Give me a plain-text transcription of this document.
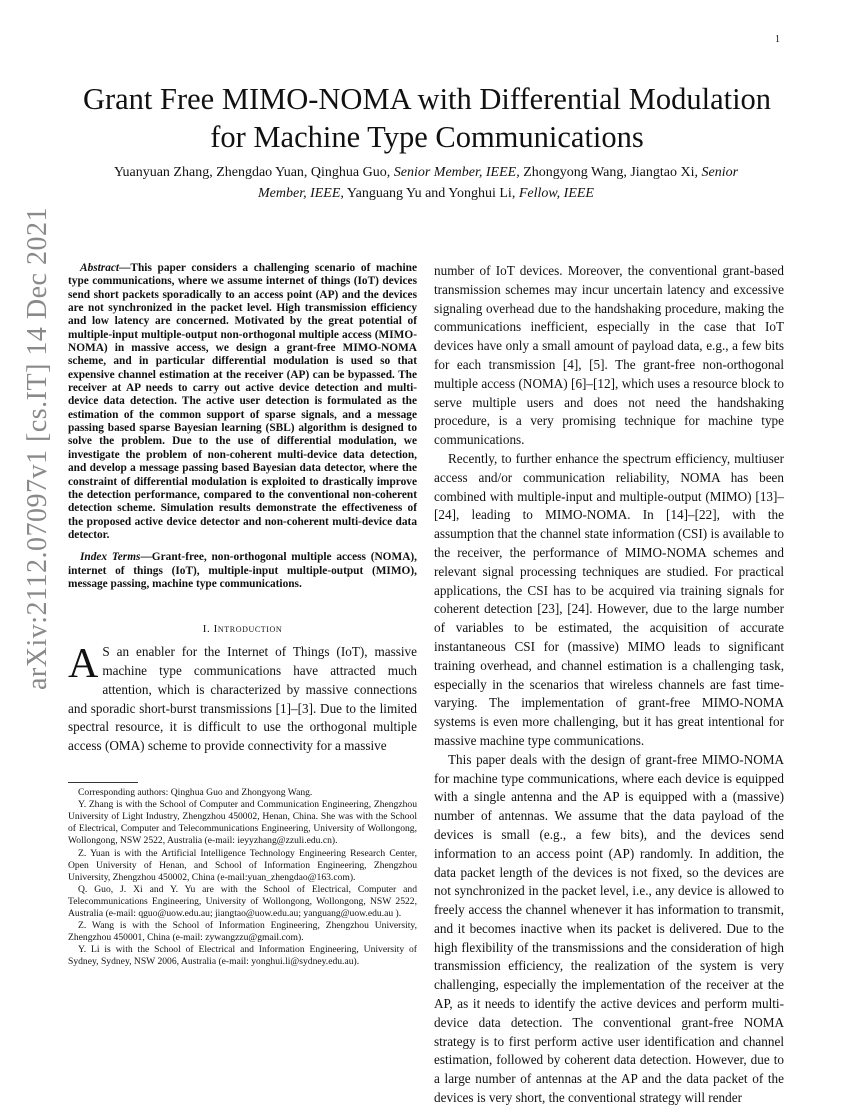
1
arXiv:2112.07097v1 [cs.IT] 14 Dec 2021
Grant Free MIMO-NOMA with Differential Modulation for Machine Type Communications
Yuanyuan Zhang, Zhengdao Yuan, Qinghua Guo, Senior Member, IEEE, Zhongyong Wang, Jiangtao Xi, Senior
Member, IEEE, Yanguang Yu and Yonghui Li, Fellow, IEEE

Abstract—This paper considers a challenging scenario of machine type communications, where we assume internet of things (IoT) devices send short packets sporadically to an access point (AP) and the devices are not synchronized in the packet level. High transmission efficiency and low latency are concerned. Motivated by the great potential of multiple-input multiple-output non-orthogonal multiple access (MIMO-NOMA) in massive access, we design a grant-free MIMO-NOMA scheme, and in particular differential modulation is used so that expensive channel estimation at the receiver (AP) can be bypassed. The receiver at AP needs to carry out active device detection and multi-device data detection. The active user detection is formulated as the estimation of the common support of sparse signals, and a message passing based sparse Bayesian learning (SBL) algorithm is designed to solve the problem. Due to the use of differential modulation, we investigate the problem of non-coherent multi-device data detection, and develop a message passing based Bayesian data detector, where the constraint of differential modulation is exploited to drastically improve the detection performance, compared to the conventional non-coherent detection scheme. Simulation results demonstrate the effectiveness of the proposed active device detector and non-coherent multi-device data detector.

Index Terms—Grant-free, non-orthogonal multiple access (NOMA), internet of things (IoT), multiple-input multiple-output (MIMO), message passing, machine type communications.

I. Introduction

A S an enabler for the Internet of Things (IoT), massive machine type communications have attracted much attention, which is characterized by massive connections and sporadic short-burst transmissions [1]–[3]. Due to the limited spectral resource, it is difficult to use the orthogonal multiple access (OMA) scheme to provide connectivity for a massive

Corresponding authors: Qinghua Guo and Zhongyong Wang.

Y. Zhang is with the School of Computer and Communication Engineering, Zhengzhou University of Light Industry, Zhengzhou 450002, Henan, China. She was with the School of Electrical, Computer and Telecommunications Engineering, University of Wollongong, Wollongong, NSW 2522, Australia (e-mail: ieyyzhang@zzuli.edu.cn).

Z. Yuan is with the Artificial Intelligence Technology Engineering Research Center, Open University of Henan, and School of Information Engineering, Zhengzhou University, Zhengzhou 450002, China (e-mail:yuan_zhengdao@163.com).

Q. Guo, J. Xi and Y. Yu are with the School of Electrical, Computer and Telecommunications Engineering, University of Wollongong, Wollongong, NSW 2522, Australia (e-mail: qguo@uow.edu.au; jiangtao@uow.edu.au; yanguang@uow.edu.au ).

Z. Wang is with the School of Information Engineering, Zhengzhou University, Zhengzhou 450001, China (e-mail: zywangzzu@gmail.com).

Y. Li is with the School of Electrical and Information Engineering, University of Sydney, Sydney, NSW 2006, Australia (e-mail: yonghui.li@sydney.edu.au).

number of IoT devices. Moreover, the conventional grant-based transmission schemes may incur uncertain latency and excessive signaling overhead due to the handshaking procedure, making the communications inefficient, especially in the case that IoT devices have only a small amount of payload data, e.g., a few bits for each transmission [4], [5]. The grant-free non-orthogonal multiple access (NOMA) [6]–[12], which uses a resource block to serve multiple users and does not need the handshaking procedure, is a very promising technique for machine type communications.

Recently, to further enhance the spectrum efficiency, multiuser access and/or communication reliability, NOMA has been combined with multiple-input and multiple-output (MIMO) [13]–[24], leading to MIMO-NOMA. In [14]–[22], with the assumption that the channel state information (CSI) is available to the receiver, the performance of MIMO-NOMA schemes and relevant signal processing techniques are studied. For practical applications, the CSI has to be acquired via training signals for coherent detection [23], [24]. However, due to the large number of variables to be estimated, the acquisition of accurate instantaneous CSI for (massive) MIMO leads to significant training overhead, and channel estimation is a challenging task, especially in the scenarios that wireless channels are fast time-varying. The implementation of grant-free MIMO-NOMA systems is even more challenging, but it has great intentional for massive machine type communications.

This paper deals with the design of grant-free MIMO-NOMA for machine type communications, where each device is equipped with a single antenna and the AP is equipped with a (massive) number of antennas. We assume that the data payload of the devices is small (e.g., a few bits), and the devices send information to an access point (AP) randomly. In addition, the data packet length of the devices is not fixed, so the devices are not synchronized in the packet level, i.e., any device is allowed to freely access the channel whenever it has information to transmit, and it becomes inactive when its packet is delivered. Due to the high flexibility of the transmissions and the consideration of high transmission efficiency, the realization of the system is very challenging, especially the implementation of the receiver at the AP, as it needs to identify the active devices and perform multi-device data detection. The conventional grant-free NOMA strategy is to first perform active user identification and channel estimation, followed by coherent data detection. However, due to a large number of antennas at the AP and the data packet of the devices is very short, the conventional strategy will render
